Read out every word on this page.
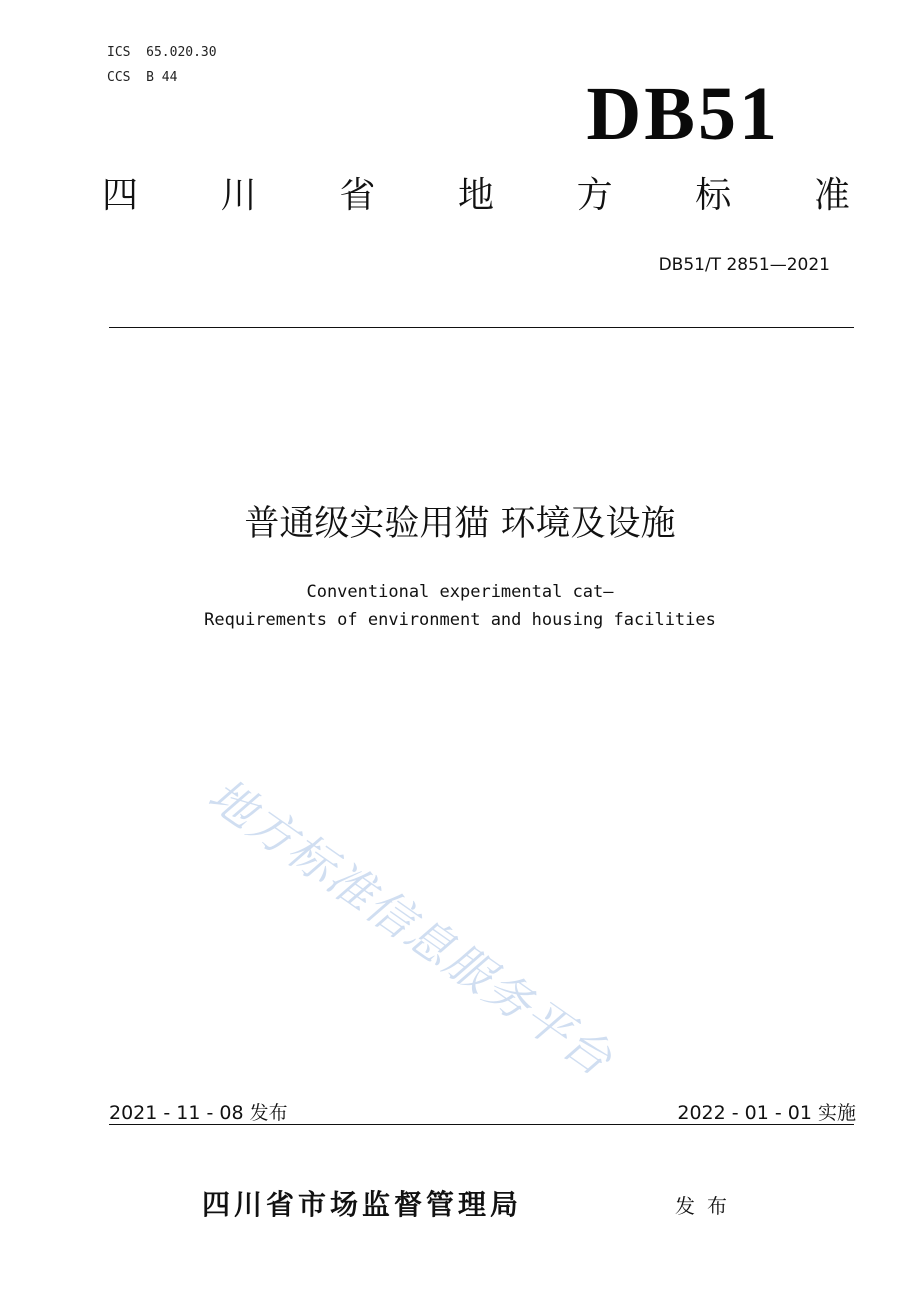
ICS  65.020.30
CCS  B 44	DB51
四 川 省 地 方 标 准
DB51/T 2851—2021
普通级实验用猫 环境及设施
Conventional experimental cat—
Requirements of environment and housing facilities
地方标准信息服务平台
2021 - 11 - 08 发布	2022 - 01 - 01 实施
四川省市场监督管理局	发布
